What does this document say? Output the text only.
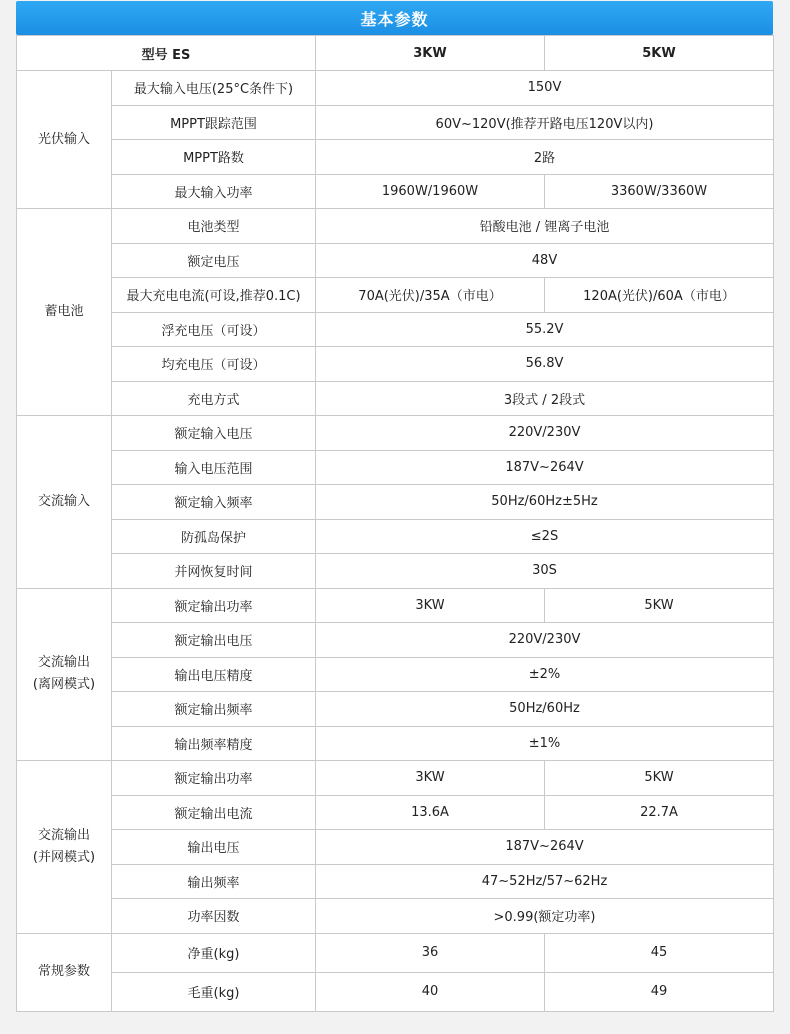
基本参数
型号 ES		3KW	5KW
光伏输入	最大输入电压(25°C条件下)	150V	
	MPPT跟踪范围	60V~120V(推荐开路电压120V以内)	
	MPPT路数	2路	
	最大输入功率	1960W/1960W	3360W/3360W
蓄电池	电池类型	铅酸电池 / 锂离子电池	
	额定电压	48V	
	最大充电电流(可设,推荐0.1C)	70A(光伏)/35A（市电）	120A(光伏)/60A（市电）
	浮充电压（可设）	55.2V	
	均充电压（可设）	56.8V	
	充电方式	3段式 / 2段式	
交流输入	额定输入电压	220V/230V	
	输入电压范围	187V~264V	
	额定输入频率	50Hz/60Hz±5Hz	
	防孤岛保护	≤2S	
	并网恢复时间	30S	

交流输出
(离网模式)	额定输出功率	3KW	5KW
	额定输出电压	220V/230V	
	输出电压精度	±2%	
	额定输出频率	50Hz/60Hz	
	输出频率精度	±1%	

交流输出
(并网模式)	额定输出功率	3KW	5KW
	额定输出电流	13.6A	22.7A
	输出电压	187V~264V	
	输出频率	47~52Hz/57~62Hz	
	功率因数	>0.99(额定功率)	
常规参数	净重(kg)	36	45
	毛重(kg)	40	49
